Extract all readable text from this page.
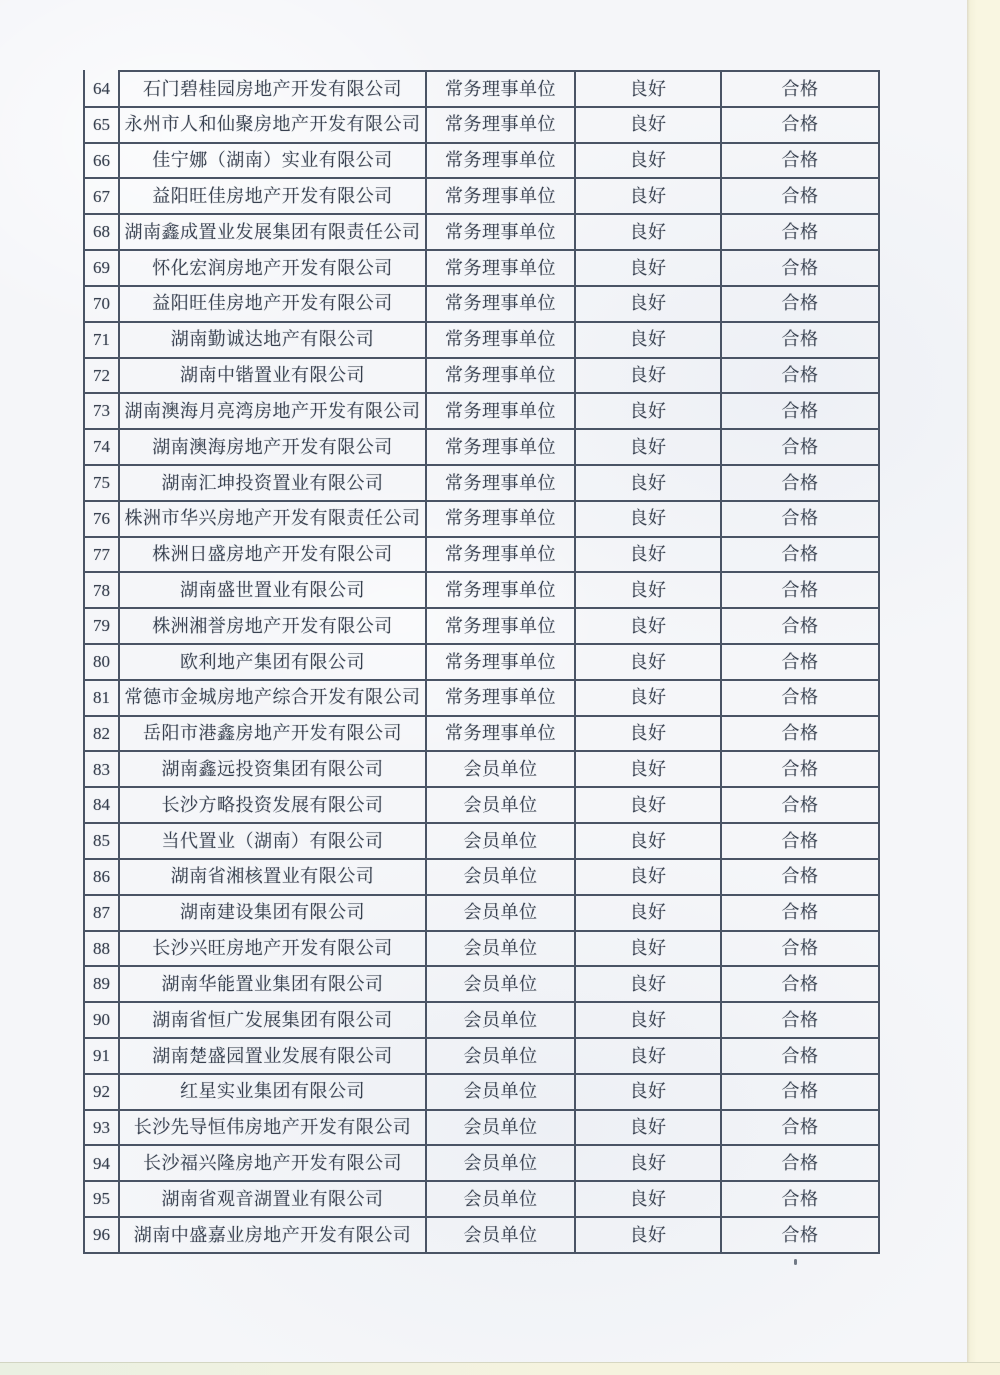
64	石门碧桂园房地产开发有限公司	常务理事单位	良好	合格
65	永州市人和仙聚房地产开发有限公司	常务理事单位	良好	合格
66	佳宁娜（湖南）实业有限公司	常务理事单位	良好	合格
67	益阳旺佳房地产开发有限公司	常务理事单位	良好	合格
68	湖南鑫成置业发展集团有限责任公司	常务理事单位	良好	合格
69	怀化宏润房地产开发有限公司	常务理事单位	良好	合格
70	益阳旺佳房地产开发有限公司	常务理事单位	良好	合格
71	湖南勤诚达地产有限公司	常务理事单位	良好	合格
72	湖南中锴置业有限公司	常务理事单位	良好	合格
73	湖南澳海月亮湾房地产开发有限公司	常务理事单位	良好	合格
74	湖南澳海房地产开发有限公司	常务理事单位	良好	合格
75	湖南汇坤投资置业有限公司	常务理事单位	良好	合格
76	株洲市华兴房地产开发有限责任公司	常务理事单位	良好	合格
77	株洲日盛房地产开发有限公司	常务理事单位	良好	合格
78	湖南盛世置业有限公司	常务理事单位	良好	合格
79	株洲湘誉房地产开发有限公司	常务理事单位	良好	合格
80	欧利地产集团有限公司	常务理事单位	良好	合格
81	常德市金城房地产综合开发有限公司	常务理事单位	良好	合格
82	岳阳市港鑫房地产开发有限公司	常务理事单位	良好	合格
83	湖南鑫远投资集团有限公司	会员单位	良好	合格
84	长沙方略投资发展有限公司	会员单位	良好	合格
85	当代置业（湖南）有限公司	会员单位	良好	合格
86	湖南省湘核置业有限公司	会员单位	良好	合格
87	湖南建设集团有限公司	会员单位	良好	合格
88	长沙兴旺房地产开发有限公司	会员单位	良好	合格
89	湖南华能置业集团有限公司	会员单位	良好	合格
90	湖南省恒广发展集团有限公司	会员单位	良好	合格
91	湖南楚盛园置业发展有限公司	会员单位	良好	合格
92	红星实业集团有限公司	会员单位	良好	合格
93	长沙先导恒伟房地产开发有限公司	会员单位	良好	合格
94	长沙福兴隆房地产开发有限公司	会员单位	良好	合格
95	湖南省观音湖置业有限公司	会员单位	良好	合格
96	湖南中盛嘉业房地产开发有限公司	会员单位	良好	合格
